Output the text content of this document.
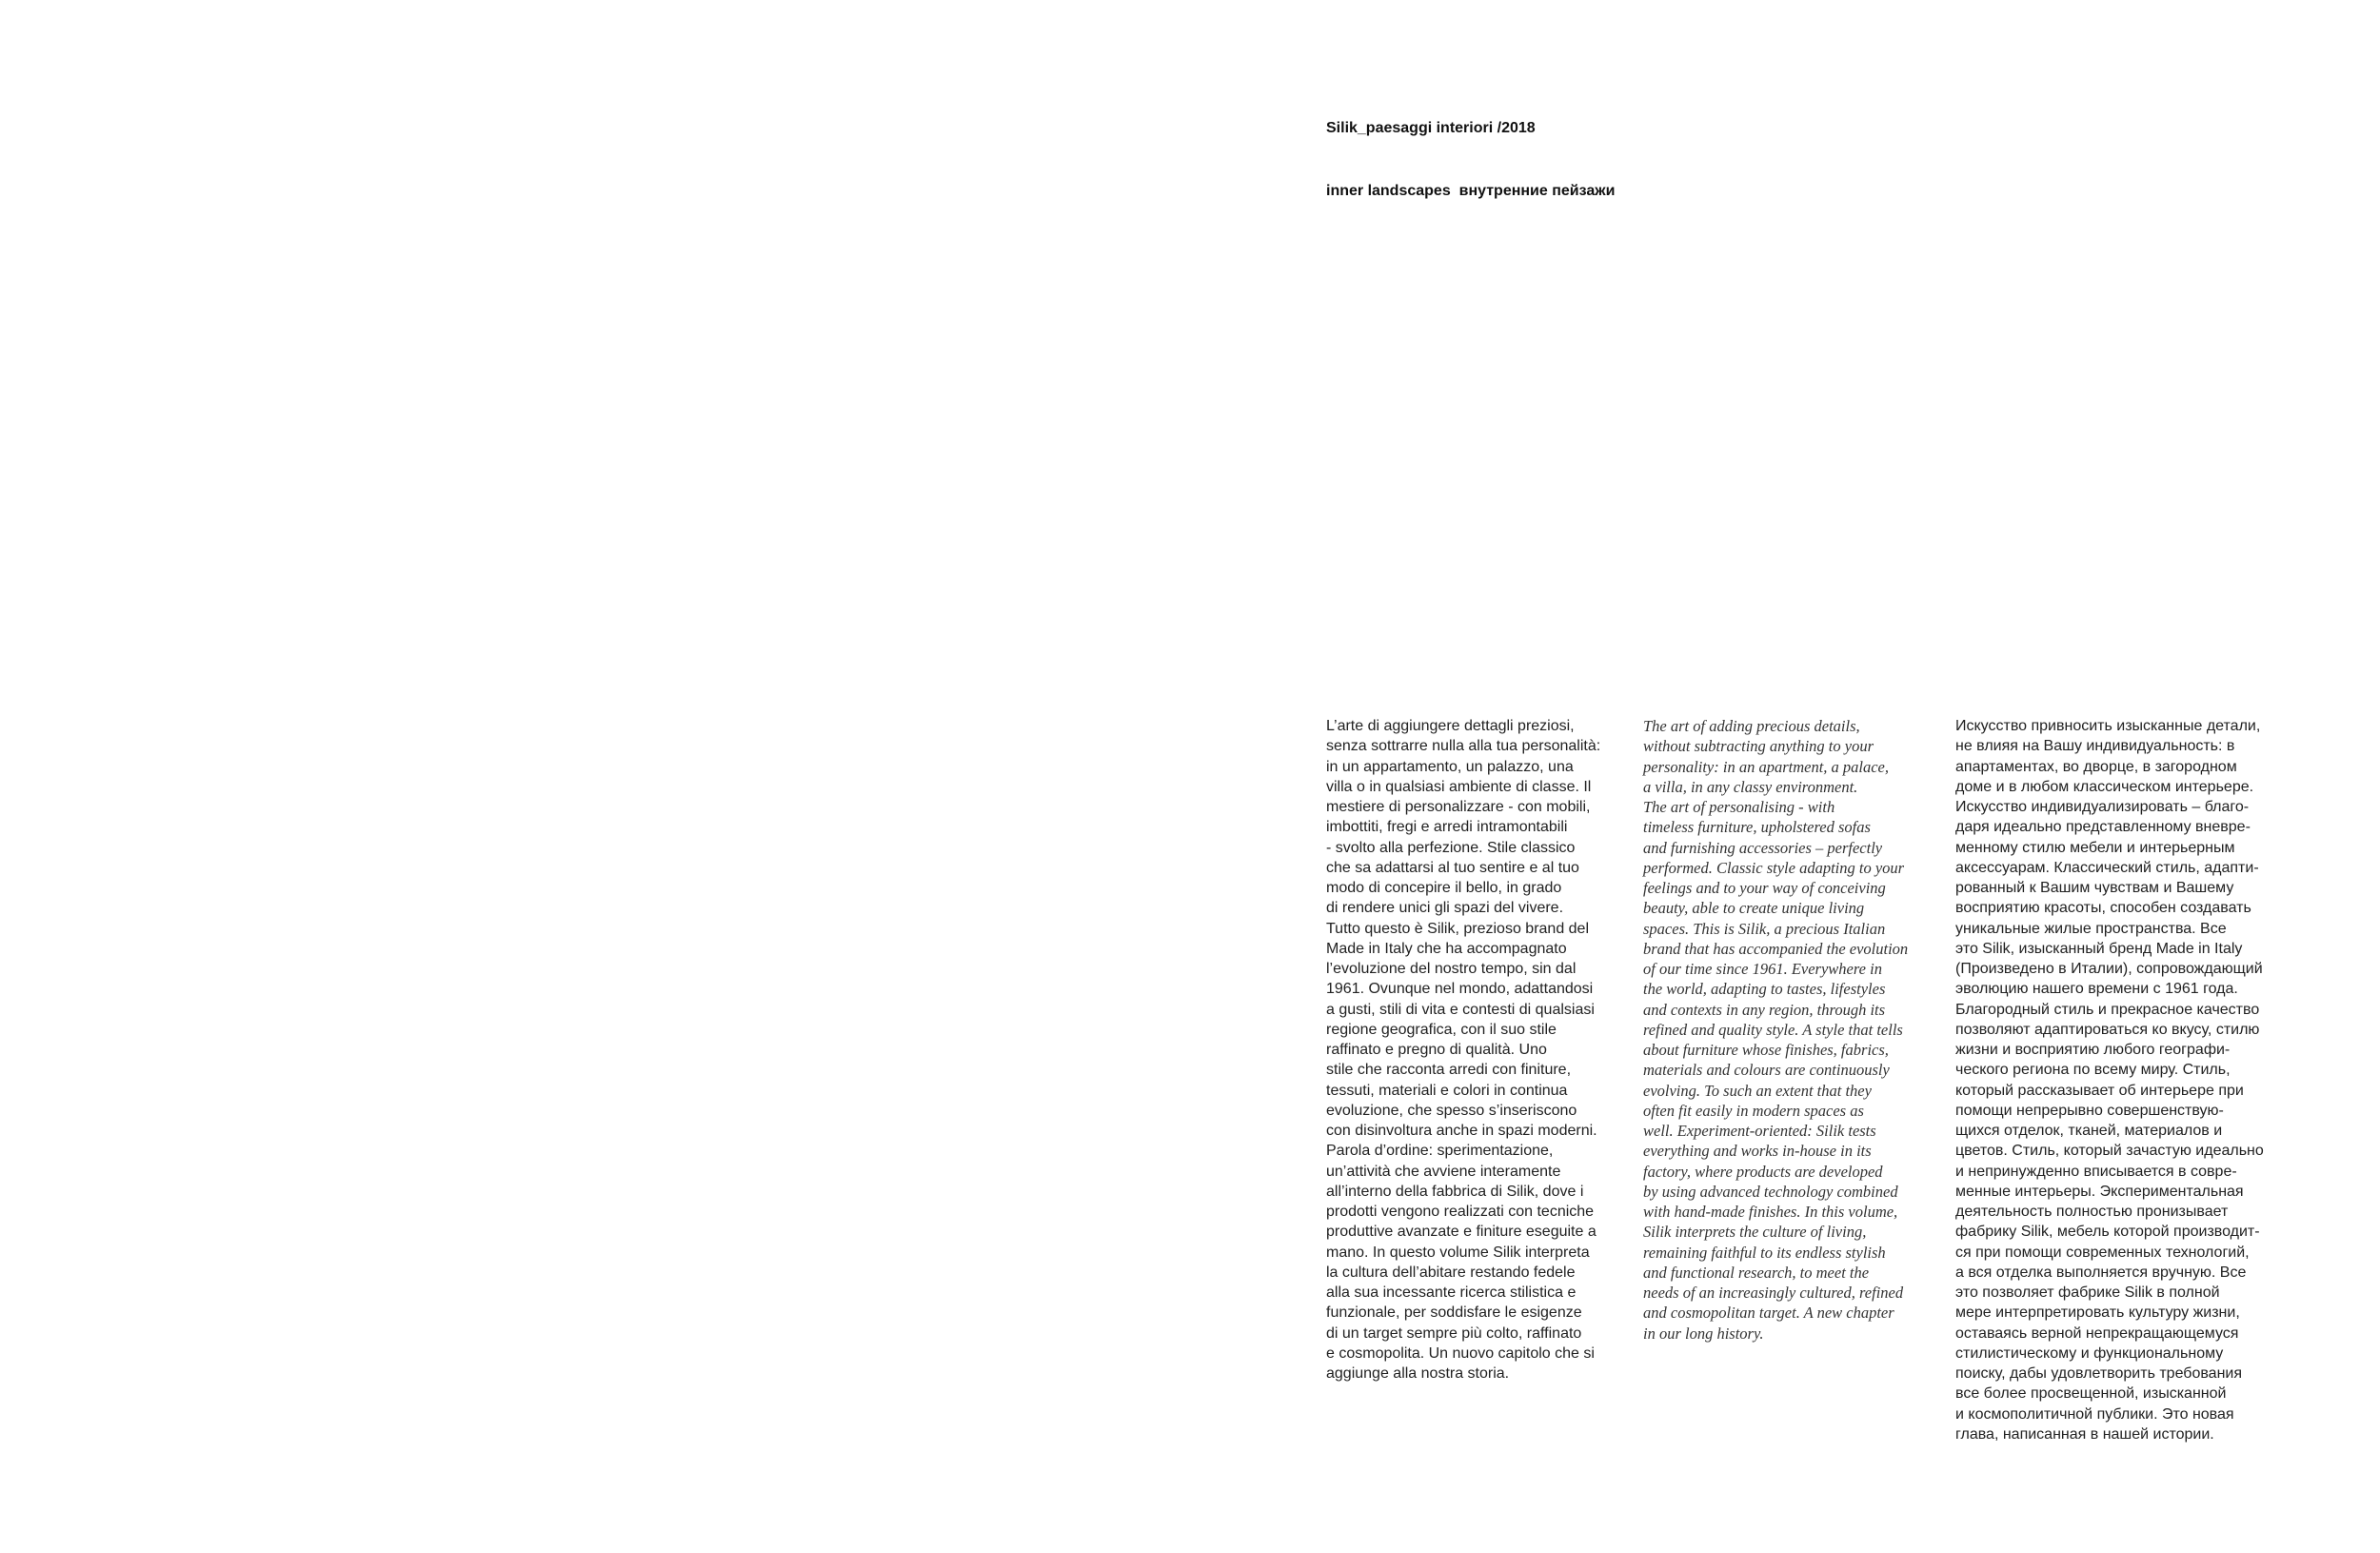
Silik_paesaggi interiori /2018

inner landscapes  внутренние пейзажи

L’arte di aggiungere dettagli preziosi,
senza sottrarre nulla alla tua personalità:
in un appartamento, un palazzo, una
villa o in qualsiasi ambiente di classe. Il
mestiere di personalizzare - con mobili,
imbottiti, fregi e arredi intramontabili
- svolto alla perfezione. Stile classico
che sa adattarsi al tuo sentire e al tuo
modo di concepire il bello, in grado
di rendere unici gli spazi del vivere.
Tutto questo è Silik, prezioso brand del
Made in Italy che ha accompagnato
l’evoluzione del nostro tempo, sin dal
1961. Ovunque nel mondo, adattandosi
a gusti, stili di vita e contesti di qualsiasi
regione geografica, con il suo stile
raffinato e pregno di qualità. Uno
stile che racconta arredi con finiture,
tessuti, materiali e colori in continua
evoluzione, che spesso s’inseriscono
con disinvoltura anche in spazi moderni.
Parola d’ordine: sperimentazione,
un’attività che avviene interamente
all’interno della fabbrica di Silik, dove i
prodotti vengono realizzati con tecniche
produttive avanzate e finiture eseguite a
mano. In questo volume Silik interpreta
la cultura dell’abitare restando fedele
alla sua incessante ricerca stilistica e
funzionale, per soddisfare le esigenze
di un target sempre più colto, raffinato
e cosmopolita. Un nuovo capitolo che si
aggiunge alla nostra storia.
The art of adding precious details,
without subtracting anything to your
personality: in an apartment, a palace,
a villa, in any classy environment.
The art of personalising - with
timeless furniture, upholstered sofas
and furnishing accessories – perfectly
performed. Classic style adapting to your
feelings and to your way of conceiving
beauty, able to create unique living
spaces. This is Silik, a precious Italian
brand that has accompanied the evolution
of our time since 1961. Everywhere in
the world, adapting to tastes, lifestyles
and contexts in any region, through its
refined and quality style. A style that tells
about furniture whose finishes, fabrics,
materials and colours are continuously
evolving. To such an extent that they
often fit easily in modern spaces as
well. Experiment-oriented: Silik tests
everything and works in-house in its
factory, where products are developed
by using advanced technology combined
with hand-made finishes. In this volume,
Silik interprets the culture of living,
remaining faithful to its endless stylish
and functional research, to meet the
needs of an increasingly cultured, refined
and cosmopolitan target. A new chapter
in our long history.
Искусство привносить изысканные детали,
не влияя на Вашу индивидуальность: в
апартаментах, во дворце, в загородном
доме и в любом классическом интерьере.
Искусство индивидуализировать – благо-
даря идеально представленному вневре-
менному стилю мебели и интерьерным
аксессуарам. Классический стиль, адапти-
рованный к Вашим чувствам и Вашему
восприятию красоты, способен создавать
уникальные жилые пространства. Все
это Silik, изысканный бренд Made in Italy
(Произведено в Италии), сопровождающий
эволюцию нашего времени с 1961 года.
Благородный стиль и прекрасное качество
позволяют адаптироваться ко вкусу, стилю
жизни и восприятию любого географи-
ческого региона по всему миру. Стиль,
который рассказывает об интерьере при
помощи непрерывно совершенствую-
щихся отделок, тканей, материалов и
цветов. Стиль, который зачастую идеально
и непринужденно вписывается в совре-
менные интерьеры. Экспериментальная
деятельность полностью пронизывает
фабрику Silik, мебель которой производит-
ся при помощи современных технологий,
а вся отделка выполняется вручную. Все
это позволяет фабрике Silik в полной
мере интерпретировать культуру жизни,
оставаясь верной непрекращающемуся
стилистическому и функциональному
поиску, дабы удовлетворить требования
все более просвещенной, изысканной
и космополитичной публики. Это новая
глава, написанная в нашей истории.
